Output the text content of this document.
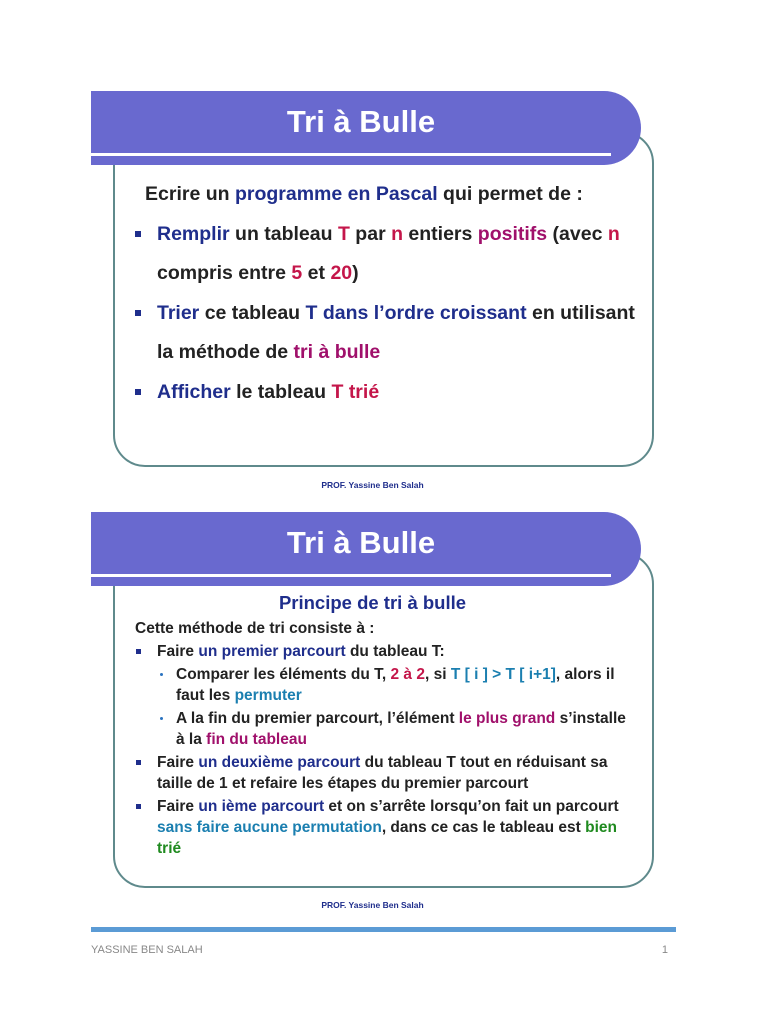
Tri à Bulle

Ecrire un programme en Pascal qui permet de :

Remplir un tableau T par n entiers positifs (avec n compris entre 5 et 20)

Trier ce tableau T dans l’ordre croissant en utilisant la méthode de tri à bulle

Afficher le tableau T trié

PROF. Yassine Ben Salah
Tri à Bulle
Principe de tri à bulle

Cette méthode de tri consiste à :

Faire un premier parcourt du tableau T:

Comparer les éléments du T, 2 à 2, si T [ i ] > T [ i+1], alors il faut les permuter

A la fin du premier parcourt, l’élément le plus grand s’installe à la fin du tableau

Faire un deuxième parcourt du tableau T tout en réduisant sa taille de 1 et refaire les étapes du premier parcourt

Faire un ième parcourt et on s’arrête lorsqu’on fait un parcourt sans faire aucune permutation, dans ce cas le tableau est bien trié

PROF. Yassine Ben Salah
YASSINE BEN SALAH	1
